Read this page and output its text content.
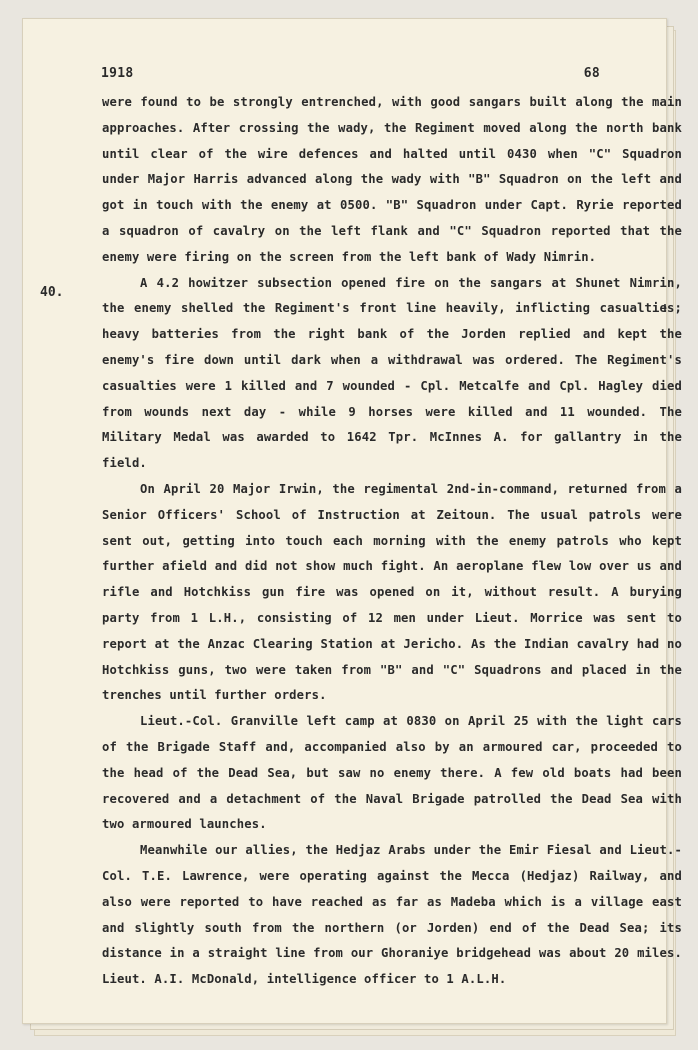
1918	68

were found to be strongly entrenched, with good sangars built along the main approaches. After crossing the wady, the Regiment moved along the north bank until clear of the wire defences and halted until 0430 when "C" Squadron under Major Harris advanced along the wady with "B" Squadron on the left and got in touch with the enemy at 0500. "B" Squadron under Capt. Ryrie reported a squadron of cavalry on the left flank and "C" Squadron reported that the enemy were firing on the screen from the left bank of Wady Nimrin.

A 4.2 howitzer subsection opened fire on the sangars at Shunet Nimrin, the enemy shelled the Regiment's front line heavily, inflicting casualties; heavy batteries from the right bank of the Jorden replied and kept the enemy's fire down until dark when a withdrawal was ordered. The Regiment's casualties were 1 killed and 7 wounded - Cpl. Metcalfe and Cpl. Hagley died from wounds next day - while 9 horses were killed and 11 wounded. The Military Medal was awarded to 1642 Tpr. McInnes A. for gallantry in the field.

On April 20 Major Irwin, the regimental 2nd-in-command, returned from a Senior Officers' School of Instruction at Zeitoun. The usual patrols were sent out, getting into touch each morning with the enemy patrols who kept further afield and did not show much fight. An aeroplane flew low over us and rifle and Hotchkiss gun fire was opened on it, without result. A burying party from 1 L.H., consisting of 12 men under Lieut. Morrice was sent to report at the Anzac Clearing Station at Jericho. As the Indian cavalry had no Hotchkiss guns, two were taken from "B" and "C" Squadrons and placed in the trenches until further orders.

Lieut.-Col. Granville left camp at 0830 on April 25 with the light cars of the Brigade Staff and, accompanied also by an armoured car, proceeded to the head of the Dead Sea, but saw no enemy there. A few old boats had been recovered and a detachment of the Naval Brigade patrolled the Dead Sea with two armoured launches.

Meanwhile our allies, the Hedjaz Arabs under the Emir Fiesal and Lieut.-Col. T.E. Lawrence, were operating against the Mecca (Hedjaz) Railway, and also were reported to have reached as far as Madeba which is a village east and slightly south from the northern (or Jorden) end of the Dead Sea; its distance in a straight line from our Ghoraniye bridgehead was about 20 miles. Lieut. A.I. McDonald, intelligence officer to 1 A.L.H.

40.
